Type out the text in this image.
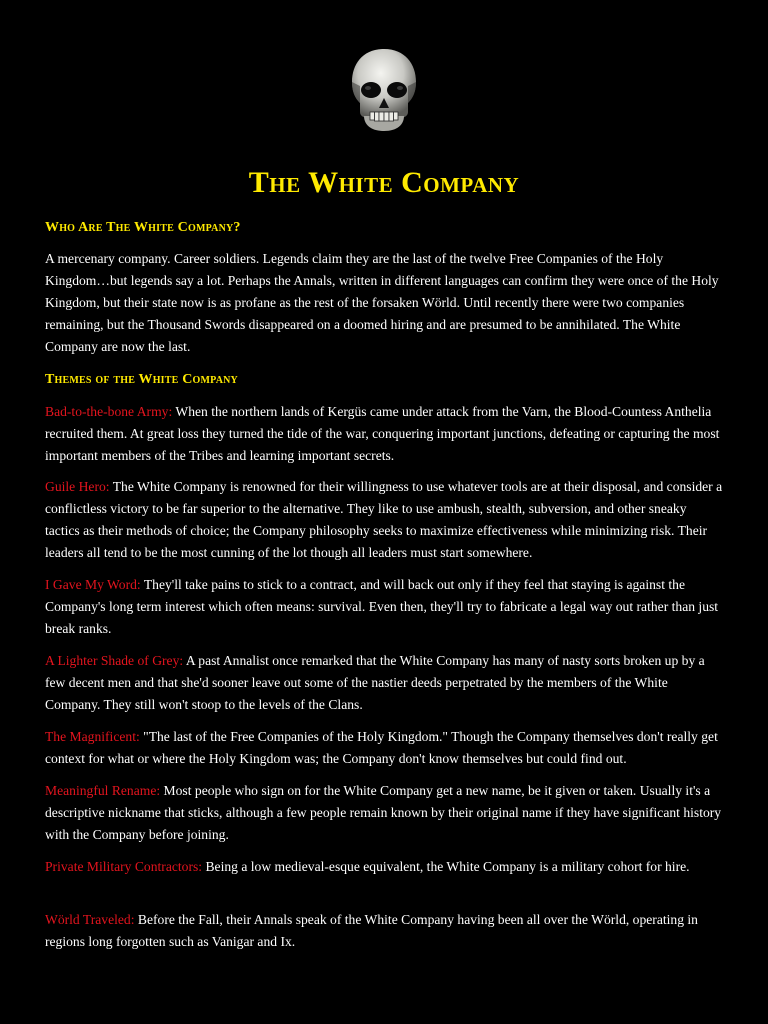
The White Company
Who Are The White Company?

A mercenary company. Career soldiers. Legends claim they are the last of the twelve Free Companies of the Holy Kingdom…but legends say a lot. Perhaps the Annals, written in different languages can confirm they were once of the Holy Kingdom, but their state now is as profane as the rest of the forsaken Wörld. Until recently there were two companies remaining, but the Thousand Swords disappeared on a doomed hiring and are presumed to be annihilated. The White Company are now the last.

Themes of the White Company

Bad-to-the-bone Army: When the northern lands of Kergüs came under attack from the Varn, the Blood-Countess Anthelia recruited them. At great loss they turned the tide of the war, conquering important junctions, defeating or capturing the most important members of the Tribes and learning important secrets.

Guile Hero: The White Company is renowned for their willingness to use whatever tools are at their disposal, and consider a conflictless victory to be far superior to the alternative. They like to use ambush, stealth, subversion, and other sneaky tactics as their methods of choice; the Company philosophy seeks to maximize effectiveness while minimizing risk. Their leaders all tend to be the most cunning of the lot though all leaders must start somewhere.

I Gave My Word: They'll take pains to stick to a contract, and will back out only if they feel that staying is against the Company's long term interest which often means: survival. Even then, they'll try to fabricate a legal way out rather than just break ranks.

A Lighter Shade of Grey: A past Annalist once remarked that the White Company has many of nasty sorts broken up by a few decent men and that she'd sooner leave out some of the nastier deeds perpetrated by the members of the White Company. They still won't stoop to the levels of the Clans.

The Magnificent: "The last of the Free Companies of the Holy Kingdom." Though the Company themselves don't really get context for what or where the Holy Kingdom was; the Company don't know themselves but could find out.

Meaningful Rename: Most people who sign on for the White Company get a new name, be it given or taken. Usually it's a descriptive nickname that sticks, although a few people remain known by their original name if they have significant history with the Company before joining.

Private Military Contractors: Being a low medieval-esque equivalent, the White Company is a military cohort for hire.

Wörld Traveled: Before the Fall, their Annals speak of the White Company having been all over the Wörld, operating in regions long forgotten such as Vanigar and Ix.
